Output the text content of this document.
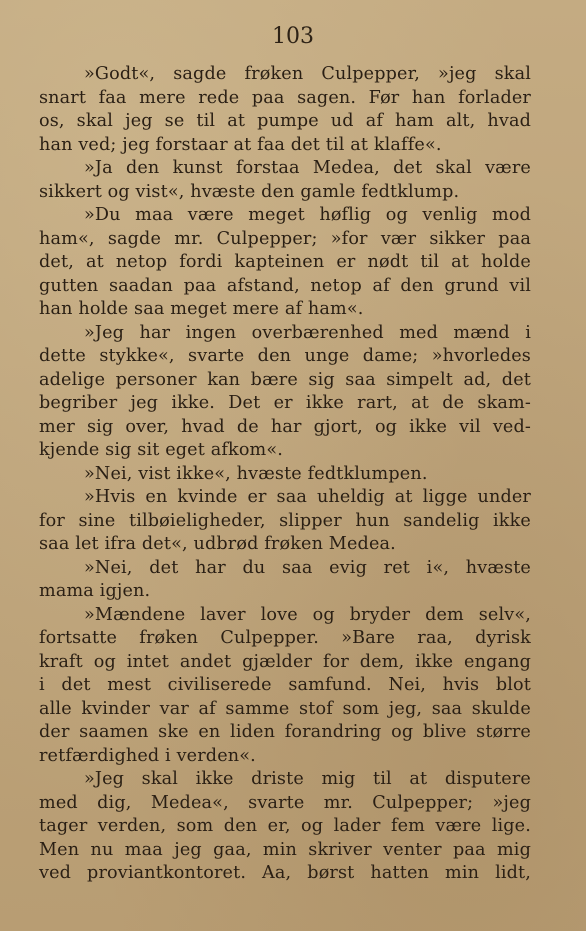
103
»Godt«, sagde frøken Culpepper, »jeg skal
snart faa mere rede paa sagen. Før han forlader
os, skal jeg se til at pumpe ud af ham alt, hvad
han ved; jeg forstaar at faa det til at klaffe«.
»Ja den kunst forstaa Medea, det skal være
sikkert og vist«, hvæste den gamle fedtklump.
»Du maa være meget høflig og venlig mod
ham«, sagde mr. Culpepper; »for vær sikker paa
det, at netop fordi kapteinen er nødt til at holde
gutten saadan paa afstand, netop af den grund vil
han holde saa meget mere af ham«.
»Jeg har ingen overbærenhed med mænd i
dette stykke«, svarte den unge dame; »hvorledes
adelige personer kan bære sig saa simpelt ad, det
begriber jeg ikke. Det er ikke rart, at de skam-
mer sig over, hvad de har gjort, og ikke vil ved-
kjende sig sit eget afkom«.
»Nei, vist ikke«, hvæste fedtklumpen.
»Hvis en kvinde er saa uheldig at ligge under
for sine tilbøieligheder, slipper hun sandelig ikke
saa let ifra det«, udbrød frøken Medea.
»Nei, det har du saa evig ret i«, hvæste
mama igjen.
»Mændene laver love og bryder dem selv«,
fortsatte frøken Culpepper. »Bare raa, dyrisk
kraft og intet andet gjælder for dem, ikke engang
i det mest civiliserede samfund. Nei, hvis blot
alle kvinder var af samme stof som jeg, saa skulde
der saamen ske en liden forandring og blive større
retfærdighed i verden«.
»Jeg skal ikke driste mig til at disputere
med dig, Medea«, svarte mr. Culpepper; »jeg
tager verden, som den er, og lader fem være lige.
Men nu maa jeg gaa, min skriver venter paa mig
ved proviantkontoret. Aa, børst hatten min lidt,
